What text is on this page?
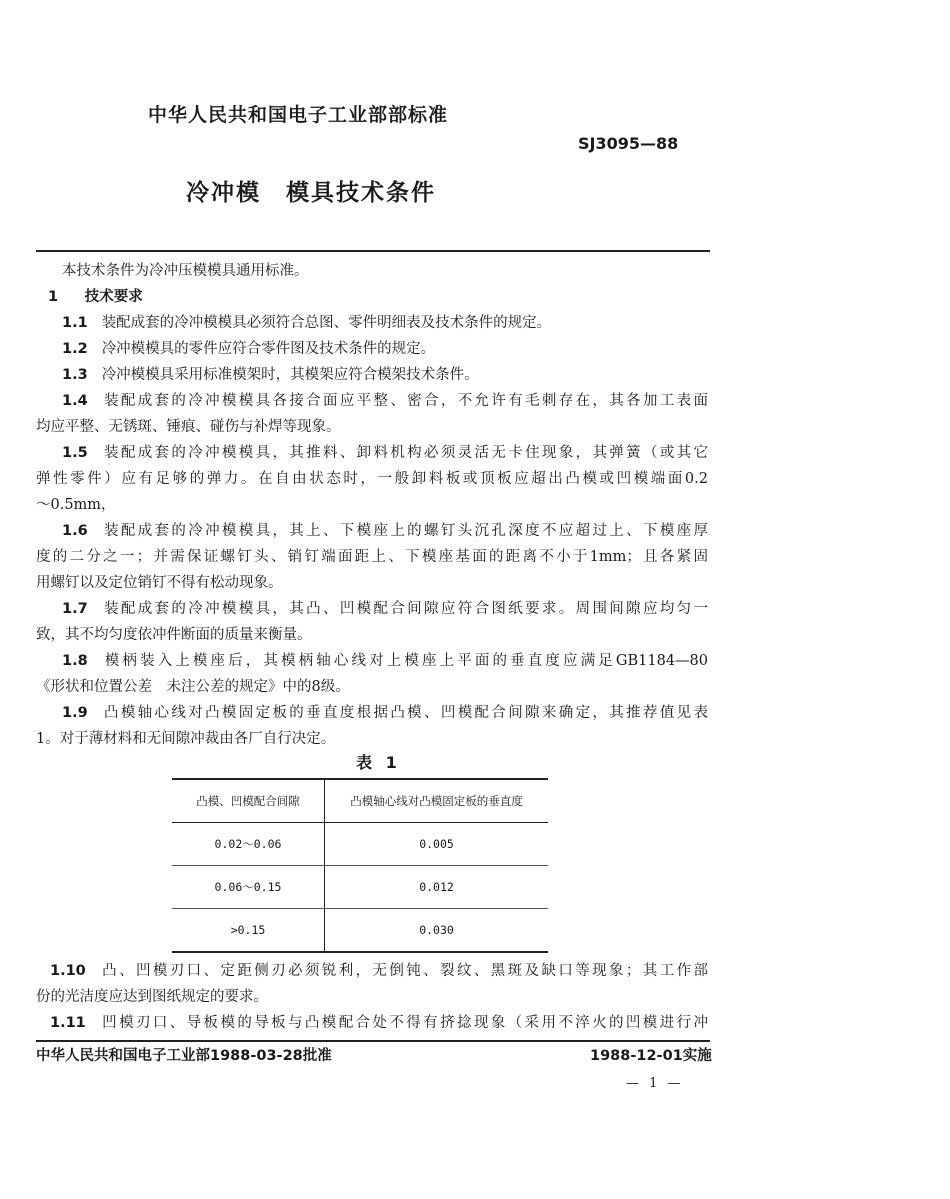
中华人民共和国电子工业部部标准
SJ3095—88
冷冲模　模具技术条件
本技术条件为冷冲压模模具通用标准。
1 技术要求
1.1 装配成套的冷冲模模具必须符合总图、零件明细表及技术条件的规定。
1.2 冷冲模模具的零件应符合零件图及技术条件的规定。
1.3 冷冲模模具采用标准模架时，其模架应符合模架技术条件。
1.4 装配成套的冷冲模模具各接合面应平整、密合，不允许有毛刺存在，其各加工表面
均应平整、无锈斑、锤痕、碰伤与补焊等现象。
1.5 装配成套的冷冲模模具，其推料、卸料机构必须灵活无卡住现象，其弹簧（或其它
弹性零件）应有足够的弹力。在自由状态时，一般卸料板或顶板应超出凸模或凹模端面0.2
～0.5mm，
1.6 装配成套的冷冲模模具，其上、下模座上的螺钉头沉孔深度不应超过上、下模座厚
度的二分之一；并需保证螺钉头、销钉端面距上、下模座基面的距离不小于1mm；且各紧固
用螺钉以及定位销钉不得有松动现象。
1.7 装配成套的冷冲模模具，其凸、凹模配合间隙应符合图纸要求。周围间隙应均匀一
致，其不均匀度依冲件断面的质量来衡量。
1.8 模柄装入上模座后，其模柄轴心线对上模座上平面的垂直度应满足GB1184—80
《形状和位置公差　未注公差的规定》中的8级。
1.9 凸模轴心线对凸模固定板的垂直度根据凸模、凹模配合间隙来确定，其推荐值见表
1。对于薄材料和无间隙冲裁由各厂自行决定。
表 1
凸模、凹模配合间隙	凸模轴心线对凸模固定板的垂直度
0.02～0.06	0.005
0.06～0.15	0.012
>0.15	0.030
1.10 凸、凹模刃口、定距侧刃必须锐利，无倒钝、裂纹、黑斑及缺口等现象；其工作部
份的光洁度应达到图纸规定的要求。
1.11 凹模刃口、导板模的导板与凸模配合处不得有挤捻现象（采用不淬火的凹模进行冲
中华人民共和国电子工业部1988-03-28批准	1988-12-01实施
— 1 —
